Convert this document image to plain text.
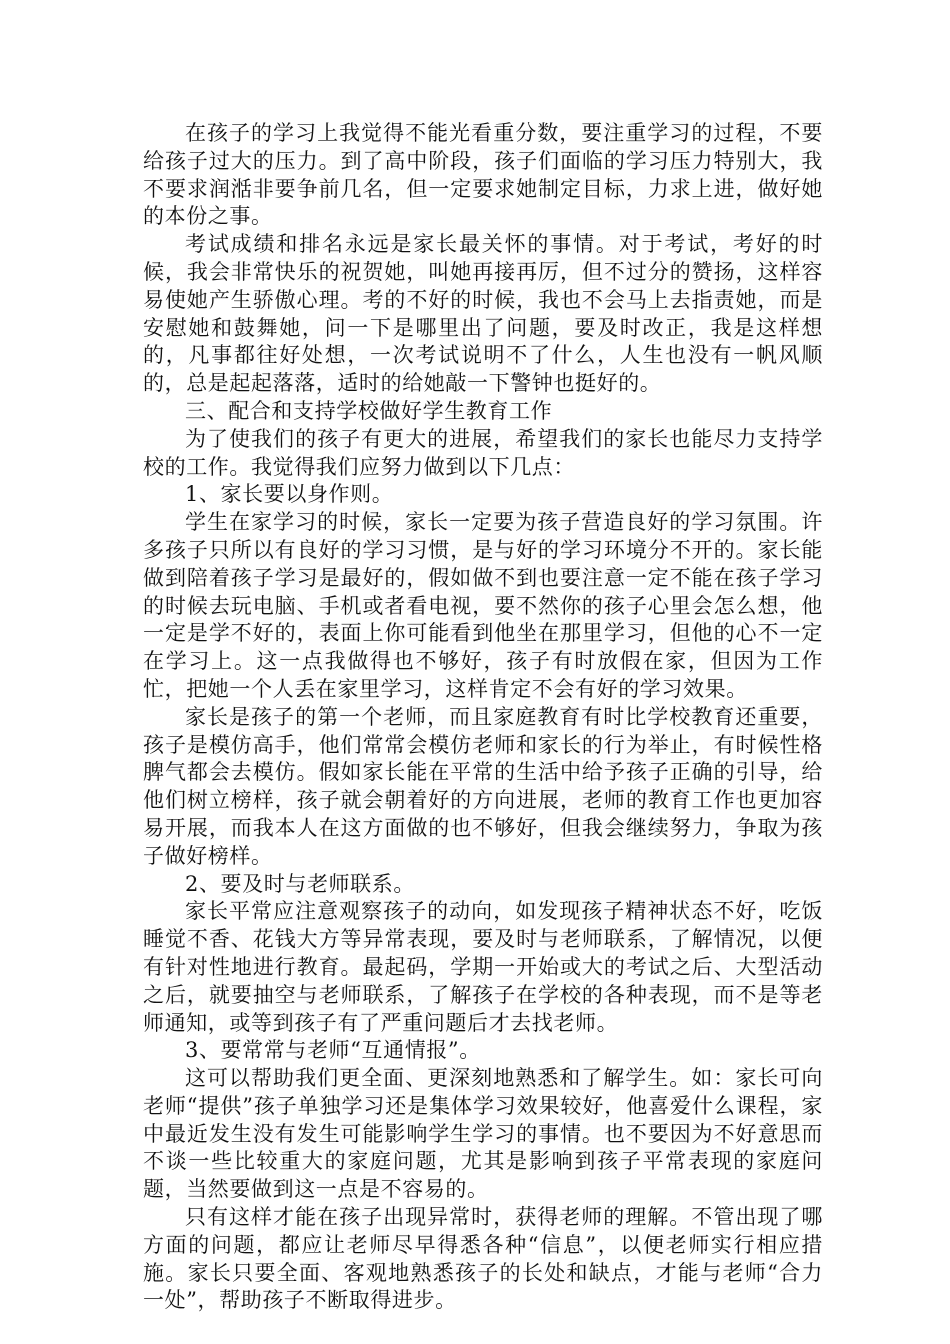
在孩子的学习上我觉得不能光看重分数，要注重学习的过程，不要给孩子过大的压力。到了高中阶段，孩子们面临的学习压力特别大，我不要求润湉非要争前几名，但一定要求她制定目标，力求上进，做好她的本份之事。

考试成绩和排名永远是家长最关怀的事情。对于考试，考好的时候，我会非常快乐的祝贺她，叫她再接再厉，但不过分的赞扬，这样容易使她产生骄傲心理。考的不好的时候，我也不会马上去指责她，而是安慰她和鼓舞她，问一下是哪里出了问题，要及时改正，我是这样想的，凡事都往好处想，一次考试说明不了什么，人生也没有一帆风顺的，总是起起落落，适时的给她敲一下警钟也挺好的。

三、配合和支持学校做好学生教育工作

为了使我们的孩子有更大的进展，希望我们的家长也能尽力支持学校的工作。我觉得我们应努力做到以下几点：

1、家长要以身作则。

学生在家学习的时候，家长一定要为孩子营造良好的学习氛围。许多孩子只所以有良好的学习习惯，是与好的学习环境分不开的。家长能做到陪着孩子学习是最好的，假如做不到也要注意一定不能在孩子学习的时候去玩电脑、手机或者看电视，要不然你的孩子心里会怎么想，他一定是学不好的，表面上你可能看到他坐在那里学习，但他的心不一定在学习上。这一点我做得也不够好，孩子有时放假在家，但因为工作忙，把她一个人丢在家里学习，这样肯定不会有好的学习效果。

家长是孩子的第一个老师，而且家庭教育有时比学校教育还重要，孩子是模仿高手，他们常常会模仿老师和家长的行为举止，有时候性格脾气都会去模仿。假如家长能在平常的生活中给予孩子正确的引导，给他们树立榜样，孩子就会朝着好的方向进展，老师的教育工作也更加容易开展，而我本人在这方面做的也不够好，但我会继续努力，争取为孩子做好榜样。

2、要及时与老师联系。

家长平常应注意观察孩子的动向，如发现孩子精神状态不好，吃饭睡觉不香、花钱大方等异常表现，要及时与老师联系，了解情况，以便有针对性地进行教育。最起码，学期一开始或大的考试之后、大型活动之后，就要抽空与老师联系，了解孩子在学校的各种表现，而不是等老师通知，或等到孩子有了严重问题后才去找老师。

3、要常常与老师“互通情报”。

这可以帮助我们更全面、更深刻地熟悉和了解学生。如：家长可向老师“提供”孩子单独学习还是集体学习效果较好，他喜爱什么课程，家中最近发生没有发生可能影响学生学习的事情。也不要因为不好意思而不谈一些比较重大的家庭问题，尤其是影响到孩子平常表现的家庭问题，当然要做到这一点是不容易的。

只有这样才能在孩子出现异常时，获得老师的理解。不管出现了哪方面的问题，都应让老师尽早得悉各种“信息”，以便老师实行相应措施。家长只要全面、客观地熟悉孩子的长处和缺点，才能与老师“合力一处”，帮助孩子不断取得进步。
